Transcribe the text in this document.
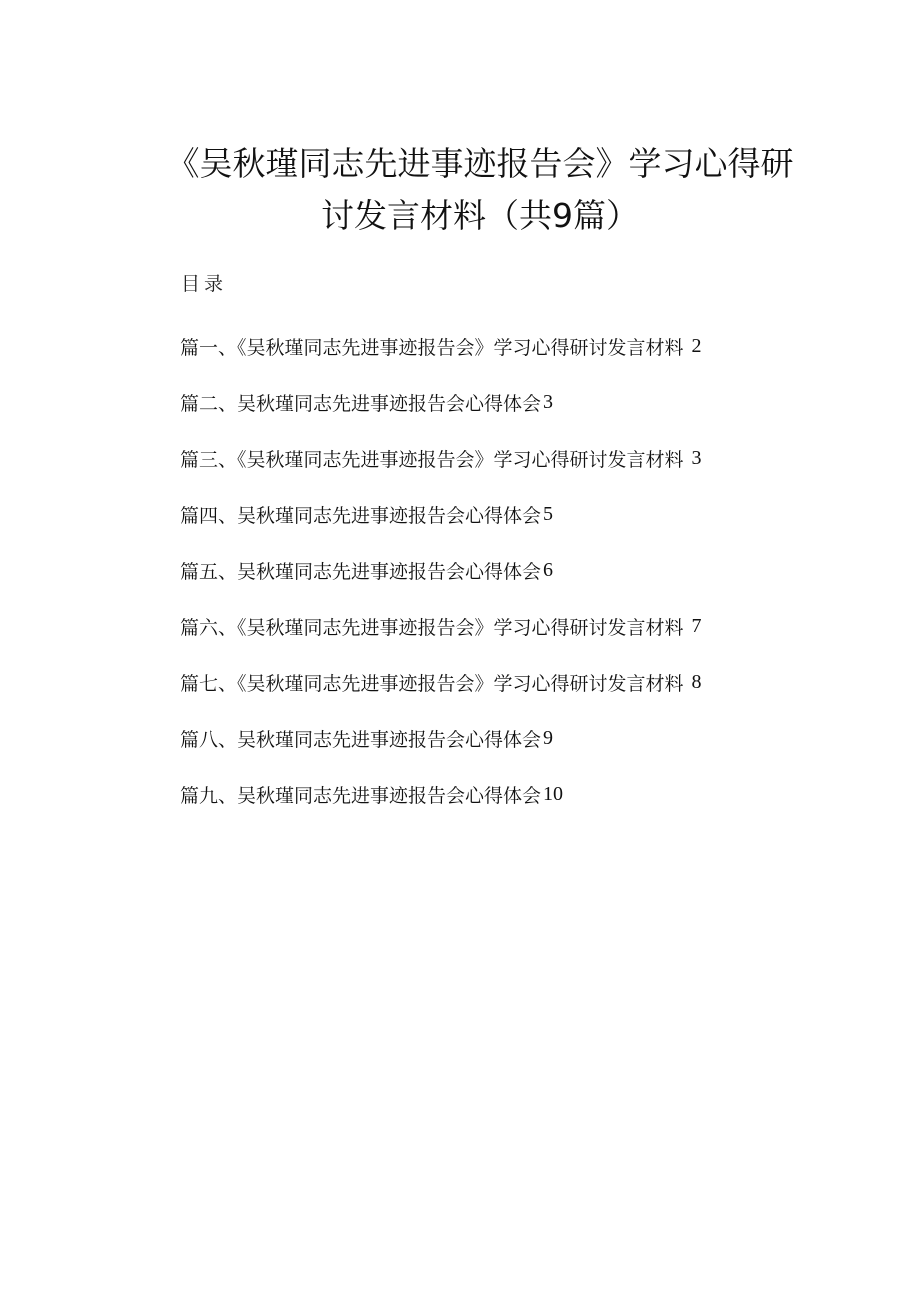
《吴秋瑾同志先进事迹报告会》学习心得研
讨发言材料（共9篇）
目录
篇一、《吴秋瑾同志先进事迹报告会》学习心得研讨发言材料 2
篇二、吴秋瑾同志先进事迹报告会心得体会 3
篇三、《吴秋瑾同志先进事迹报告会》学习心得研讨发言材料 3
篇四、吴秋瑾同志先进事迹报告会心得体会 5
篇五、吴秋瑾同志先进事迹报告会心得体会 6
篇六、《吴秋瑾同志先进事迹报告会》学习心得研讨发言材料 7
篇七、《吴秋瑾同志先进事迹报告会》学习心得研讨发言材料 8
篇八、吴秋瑾同志先进事迹报告会心得体会 9
篇九、吴秋瑾同志先进事迹报告会心得体会 10
